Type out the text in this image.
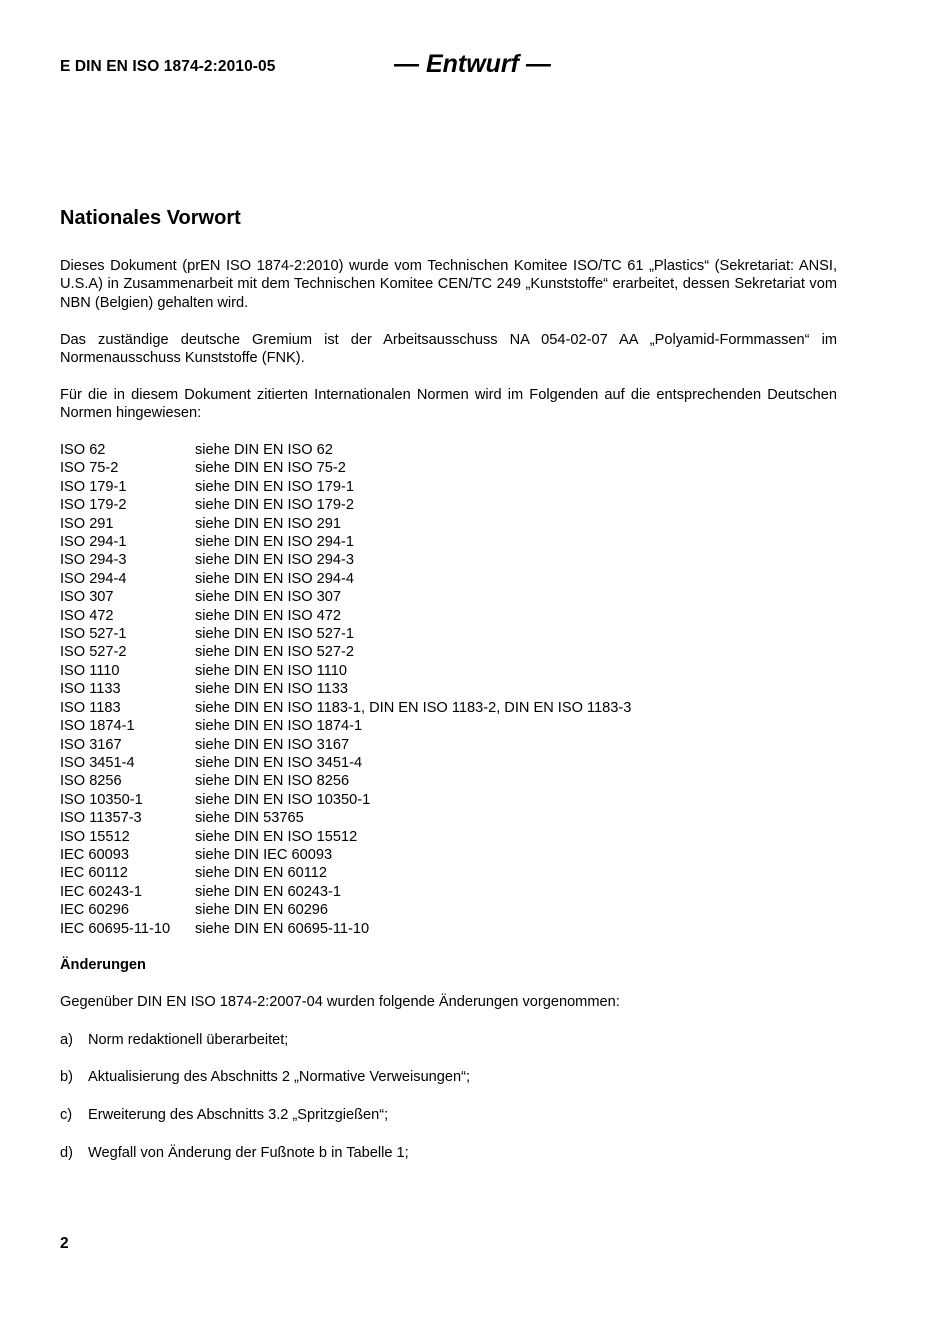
E DIN EN ISO 1874-2:2010-05	— Entwurf —
Nationales Vorwort

Dieses Dokument (prEN ISO 1874-2:2010) wurde vom Technischen Komitee ISO/TC 61 „Plastics“ (Sekretariat: ANSI, U.S.A) in Zusammenarbeit mit dem Technischen Komitee CEN/TC 249 „Kunststoffe“ erarbeitet, dessen Sekretariat vom NBN (Belgien) gehalten wird.

Das zuständige deutsche Gremium ist der Arbeitsausschuss NA 054-02-07 AA „Polyamid-Formmassen“ im Normenausschuss Kunststoffe (FNK).

Für die in diesem Dokument zitierten Internationalen Normen wird im Folgenden auf die entsprechenden Deutschen Normen hingewiesen:

ISO 62	siehe DIN EN ISO 62
ISO 75-2	siehe DIN EN ISO 75-2
ISO 179-1	siehe DIN EN ISO 179-1
ISO 179-2	siehe DIN EN ISO 179-2
ISO 291	siehe DIN EN ISO 291
ISO 294-1	siehe DIN EN ISO 294-1
ISO 294-3	siehe DIN EN ISO 294-3
ISO 294-4	siehe DIN EN ISO 294-4
ISO 307	siehe DIN EN ISO 307
ISO 472	siehe DIN EN ISO 472
ISO 527-1	siehe DIN EN ISO 527-1
ISO 527-2	siehe DIN EN ISO 527-2
ISO 1110	siehe DIN EN ISO 1110
ISO 1133	siehe DIN EN ISO 1133
ISO 1183	siehe DIN EN ISO 1183-1, DIN EN ISO 1183-2, DIN EN ISO 1183-3
ISO 1874-1	siehe DIN EN ISO 1874-1
ISO 3167	siehe DIN EN ISO 3167
ISO 3451-4	siehe DIN EN ISO 3451-4
ISO 8256	siehe DIN EN ISO 8256
ISO 10350-1	siehe DIN EN ISO 10350-1
ISO 11357-3	siehe DIN 53765
ISO 15512	siehe DIN EN ISO 15512
IEC 60093	siehe DIN IEC 60093
IEC 60112	siehe DIN EN 60112
IEC 60243-1	siehe DIN EN 60243-1
IEC 60296	siehe DIN EN 60296
IEC 60695-11-10	siehe DIN EN 60695-11-10
Änderungen
Gegenüber DIN EN ISO 1874-2:2007-04 wurden folgende Änderungen vorgenommen:
a)	Norm redaktionell überarbeitet;
b)	Aktualisierung des Abschnitts 2 „Normative Verweisungen“;
c)	Erweiterung des Abschnitts 3.2 „Spritzgießen“;
d)	Wegfall von Änderung der Fußnote b in Tabelle 1;
2
